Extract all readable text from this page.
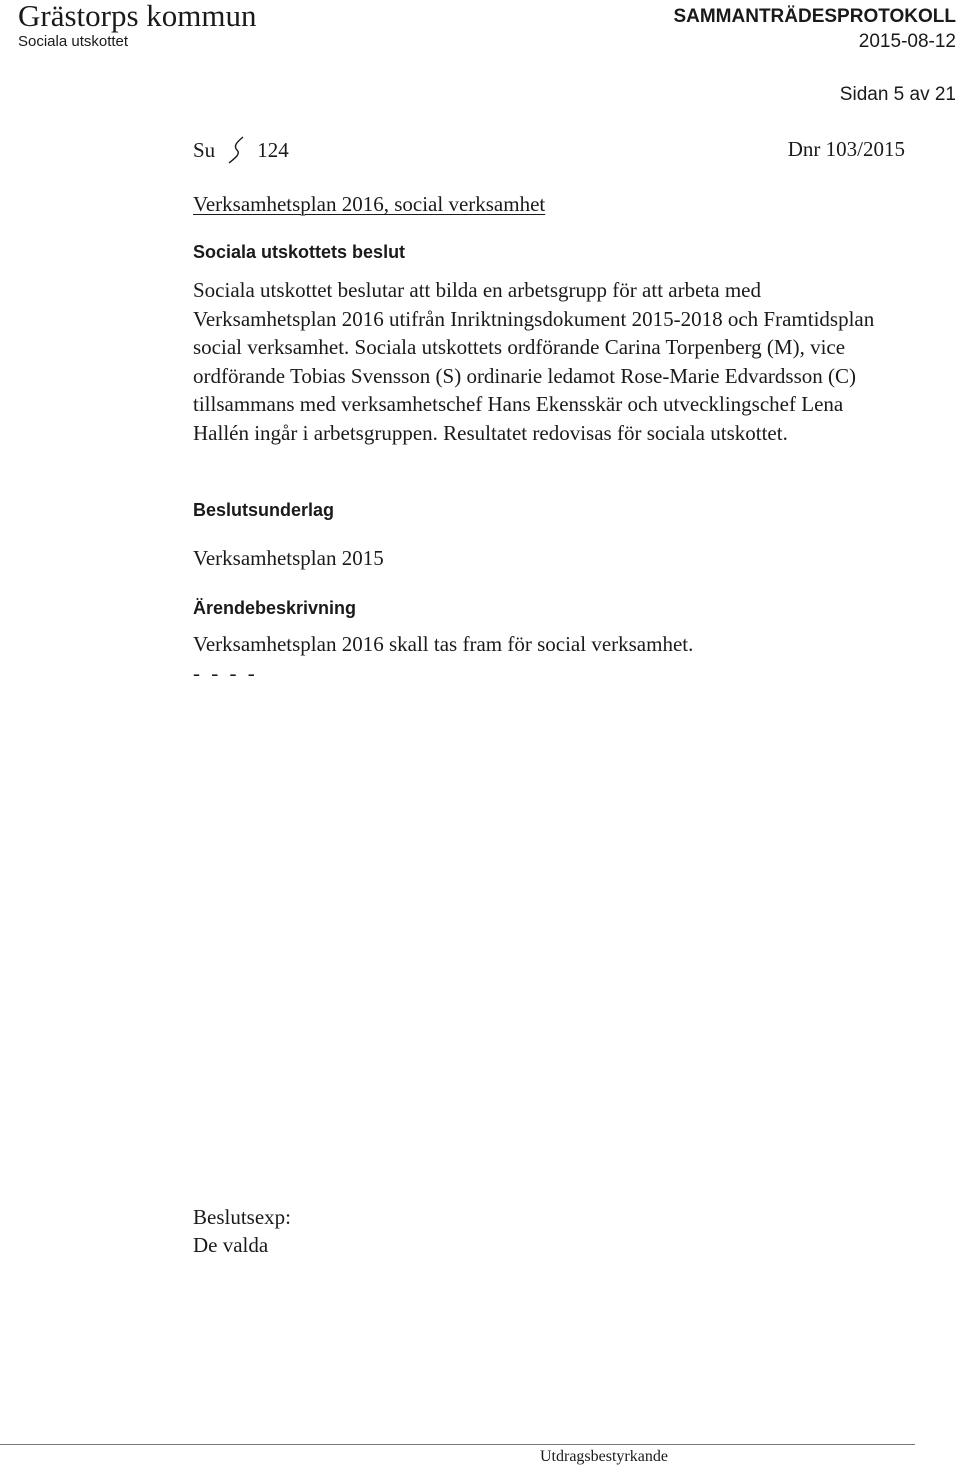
Grästorps kommun
Sociala utskottet
SAMMANTRÄDESPROTOKOLL
2015-08-12
Sidan 5 av 21
Su 124	Dnr 103/2015
Verksamhetsplan 2016, social verksamhet
Sociala utskottets beslut
Sociala utskottet beslutar att bilda en arbetsgrupp för att arbeta med Verksamhetsplan 2016 utifrån Inriktningsdokument 2015-2018 och Framtidsplan social verksamhet. Sociala utskottets ordförande Carina Torpenberg (M), vice ordförande Tobias Svensson (S) ordinarie ledamot Rose-Marie Edvardsson (C) tillsammans med verksamhetschef Hans Ekensskär och utvecklingschef Lena Hallén ingår i arbetsgruppen. Resultatet redovisas för sociala utskottet.
Beslutsunderlag
Verksamhetsplan 2015
Ärendebeskrivning
Verksamhetsplan 2016 skall tas fram för social verksamhet.
- - - -
Beslutsexp:
De valda
Utdragsbestyrkande
